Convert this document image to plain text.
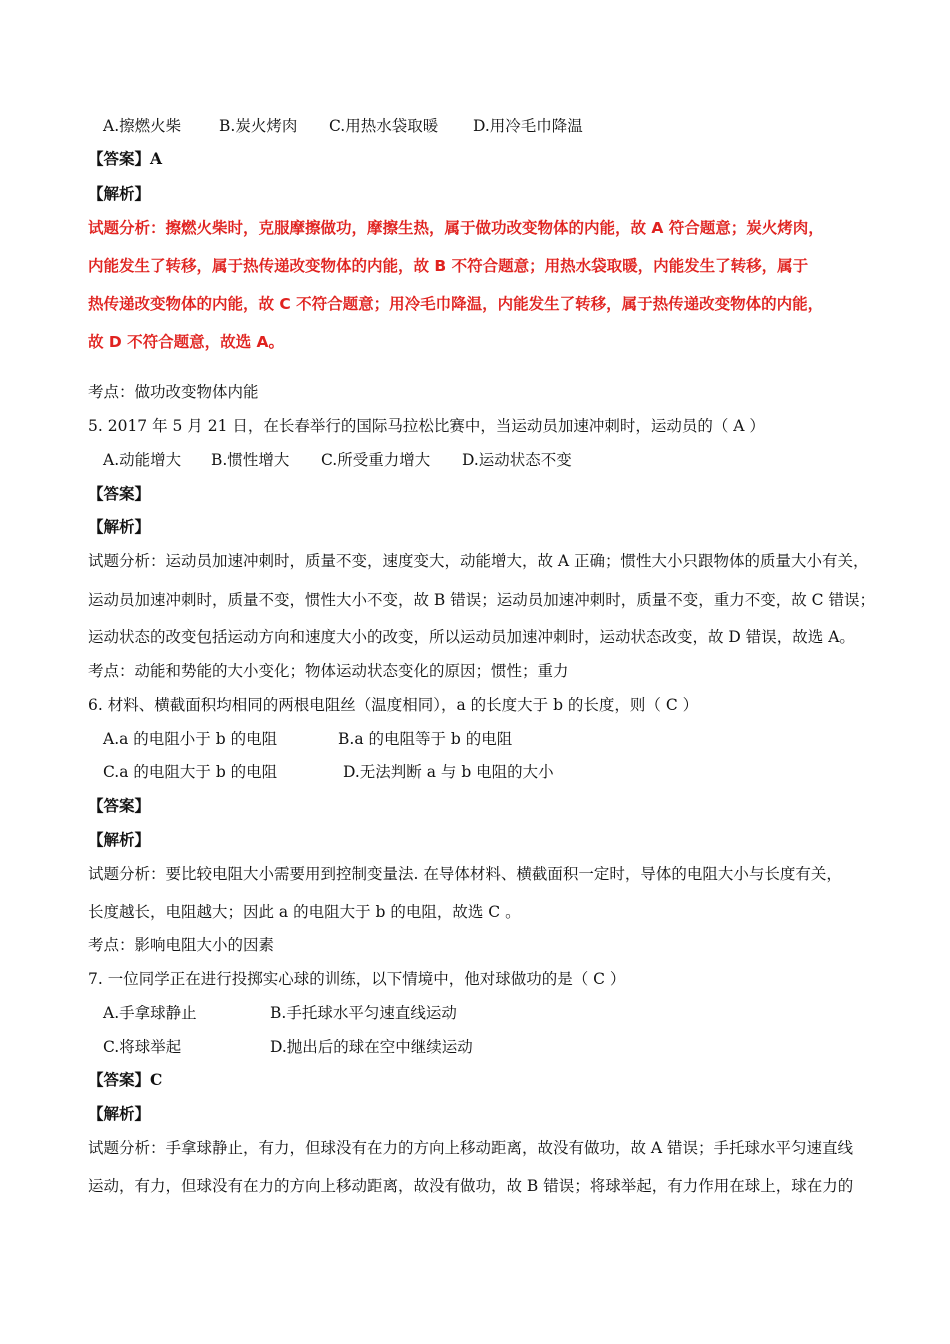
A.擦燃火柴 B.炭火烤肉 C.用热水袋取暖 D.用冷毛巾降温
【答案】A
【解析】
试题分析：擦燃火柴时，克服摩擦做功，摩擦生热，属于做功改变物体的内能，故 A 符合题意；炭火烤肉，
内能发生了转移，属于热传递改变物体的内能，故 B 不符合题意；用热水袋取暖，内能发生了转移，属于
热传递改变物体的内能，故 C 不符合题意；用冷毛巾降温，内能发生了转移，属于热传递改变物体的内能，
故 D 不符合题意，故选 A。
考点：做功改变物体内能
5. 2017 年 5 月 21 日，在长春举行的国际马拉松比赛中，当运动员加速冲刺时，运动员的（ A ）
A.动能增大 B.惯性增大 C.所受重力增大 D.运动状态不变
【答案】
【解析】
试题分析：运动员加速冲刺时，质量不变，速度变大，动能增大，故 A 正确；惯性大小只跟物体的质量大小有关，
运动员加速冲刺时，质量不变，惯性大小不变，故 B 错误；运动员加速冲刺时，质量不变，重力不变，故 C 错误；
运动状态的改变包括运动方向和速度大小的改变，所以运动员加速冲刺时，运动状态改变，故 D 错误，故选 A。
考点：动能和势能的大小变化；物体运动状态变化的原因；惯性；重力
6. 材料、横截面积均相同的两根电阻丝（温度相同），a 的长度大于 b 的长度，则（ C ）
A.a 的电阻小于 b 的电阻	B.a 的电阻等于 b 的电阻
C.a 的电阻大于 b 的电阻	D.无法判断 a 与 b 电阻的大小
【答案】
【解析】
试题分析：要比较电阻大小需要用到控制变量法. 在导体材料、横截面积一定时，导体的电阻大小与长度有关，
长度越长，电阻越大；因此 a 的电阻大于 b 的电阻，故选 C 。
考点：影响电阻大小的因素
7. 一位同学正在进行投掷实心球的训练，以下情境中，他对球做功的是（ C ）
A.手拿球静止	B.手托球水平匀速直线运动
C.将球举起	D.抛出后的球在空中继续运动
【答案】C
【解析】
试题分析：手拿球静止，有力，但球没有在力的方向上移动距离，故没有做功，故 A 错误；手托球水平匀速直线
运动，有力，但球没有在力的方向上移动距离，故没有做功，故 B 错误；将球举起，有力作用在球上，球在力的
